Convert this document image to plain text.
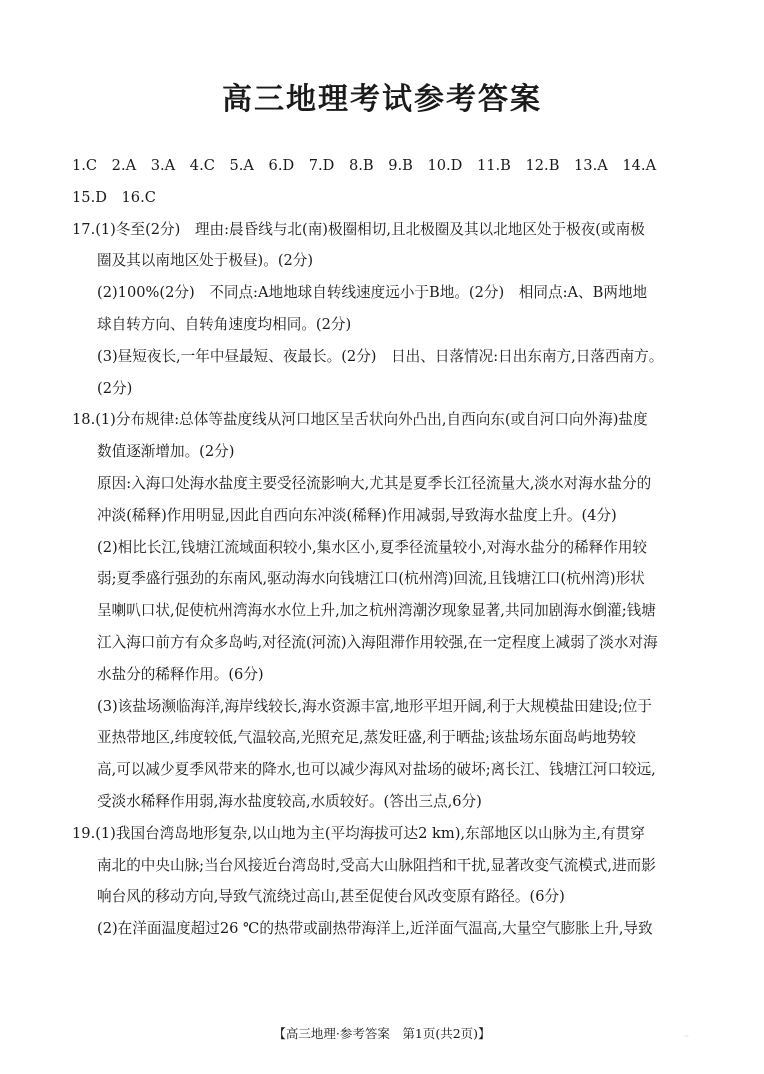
高三地理考试参考答案
1.C　2.A　3.A　4.C　5.A　6.D　7.D　8.B　9.B　10.D　11.B　12.B　13.A　14.A
15.D　16.C
17.(1)冬至(2分)　理由:晨昏线与北(南)极圈相切,且北极圈及其以北地区处于极夜(或南极
圈及其以南地区处于极昼)。(2分)
(2)100%(2分)　不同点:A地地球自转线速度远小于B地。(2分)　相同点:A、B两地地
球自转方向、自转角速度均相同。(2分)
(3)昼短夜长,一年中昼最短、夜最长。(2分)　日出、日落情况:日出东南方,日落西南方。
(2分)
18.(1)分布规律:总体等盐度线从河口地区呈舌状向外凸出,自西向东(或自河口向外海)盐度
数值逐渐增加。(2分)
原因:入海口处海水盐度主要受径流影响大,尤其是夏季长江径流量大,淡水对海水盐分的
冲淡(稀释)作用明显,因此自西向东冲淡(稀释)作用减弱,导致海水盐度上升。(4分)
(2)相比长江,钱塘江流域面积较小,集水区小,夏季径流量较小,对海水盐分的稀释作用较
弱;夏季盛行强劲的东南风,驱动海水向钱塘江口(杭州湾)回流,且钱塘江口(杭州湾)形状
呈喇叭口状,促使杭州湾海水水位上升,加之杭州湾潮汐现象显著,共同加剧海水倒灌;钱塘
江入海口前方有众多岛屿,对径流(河流)入海阻滞作用较强,在一定程度上减弱了淡水对海
水盐分的稀释作用。(6分)
(3)该盐场濒临海洋,海岸线较长,海水资源丰富,地形平坦开阔,利于大规模盐田建设;位于
亚热带地区,纬度较低,气温较高,光照充足,蒸发旺盛,利于晒盐;该盐场东面岛屿地势较
高,可以减少夏季风带来的降水,也可以减少海风对盐场的破坏;离长江、钱塘江河口较远,
受淡水稀释作用弱,海水盐度较高,水质较好。(答出三点,6分)
19.(1)我国台湾岛地形复杂,以山地为主(平均海拔可达2 km),东部地区以山脉为主,有贯穿
南北的中央山脉;当台风接近台湾岛时,受高大山脉阻挡和干扰,显著改变气流模式,进而影
响台风的移动方向,导致气流绕过高山,甚至促使台风改变原有路径。(6分)
(2)在洋面温度超过26 ℃的热带或副热带海洋上,近洋面气温高,大量空气膨胀上升,导致
【高三地理·参考答案　第1页(共2页)】	··
